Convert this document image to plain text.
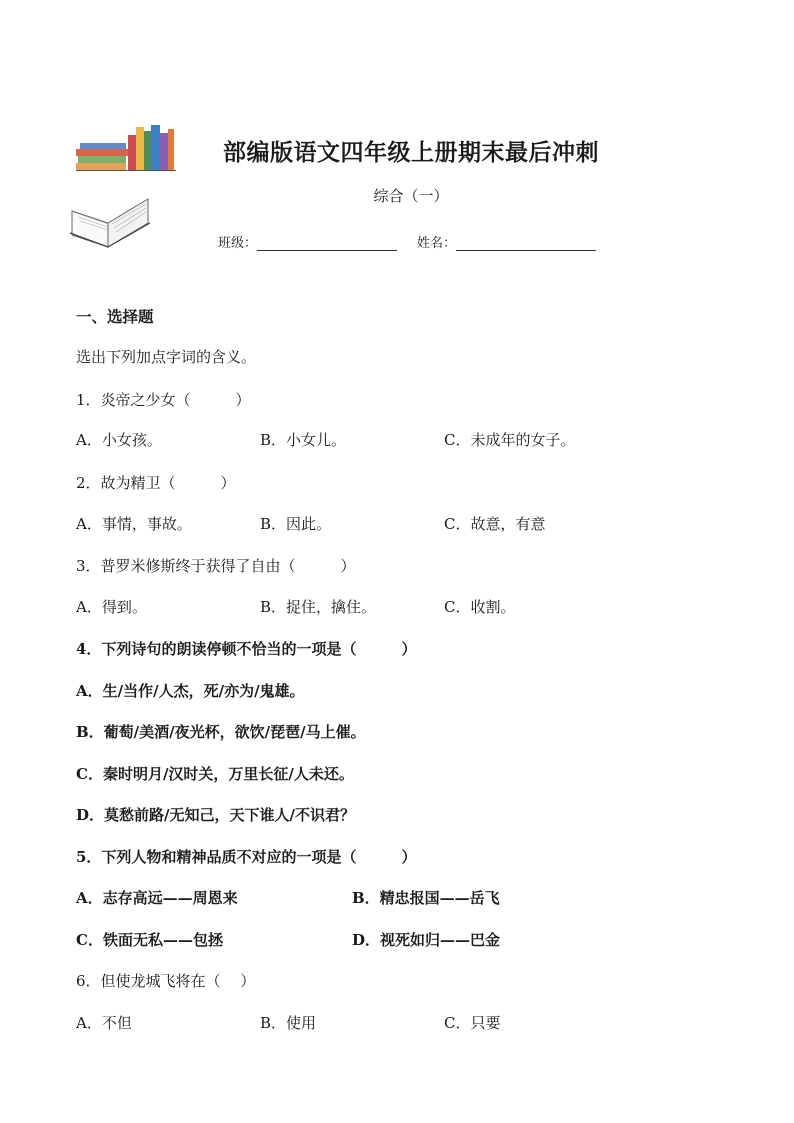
部编版语文四年级上册期末最后冲刺
综合（一）
班级：	姓名：
一、选择题
选出下列加点字词的含义。
1．炎帝之少女（　　　）
A．小女孩。	B．小女儿。	C．未成年的女子。
2．故为精卫（　　　）
A．事情，事故。	B．因此。	C．故意，有意
3．普罗米修斯终于获得了自由（　　　）
A．得到。	B．捉住，擒住。	C．收割。
4．下列诗句的朗读停顿不恰当的一项是（　　　）
A．生/当作/人杰，死/亦为/鬼雄。
B．葡萄/美酒/夜光杯，欲饮/琵琶/马上催。
C．秦时明月/汉时关，万里长征/人未还。
D．莫愁前路/无知己，天下谁人/不识君？
5．下列人物和精神品质不对应的一项是（　　　）
A．志存高远——周恩来	B．精忠报国——岳飞
C．铁面无私——包拯	D．视死如归——巴金
6．但使龙城飞将在（　 ）
A．不但	B．使用	C．只要
